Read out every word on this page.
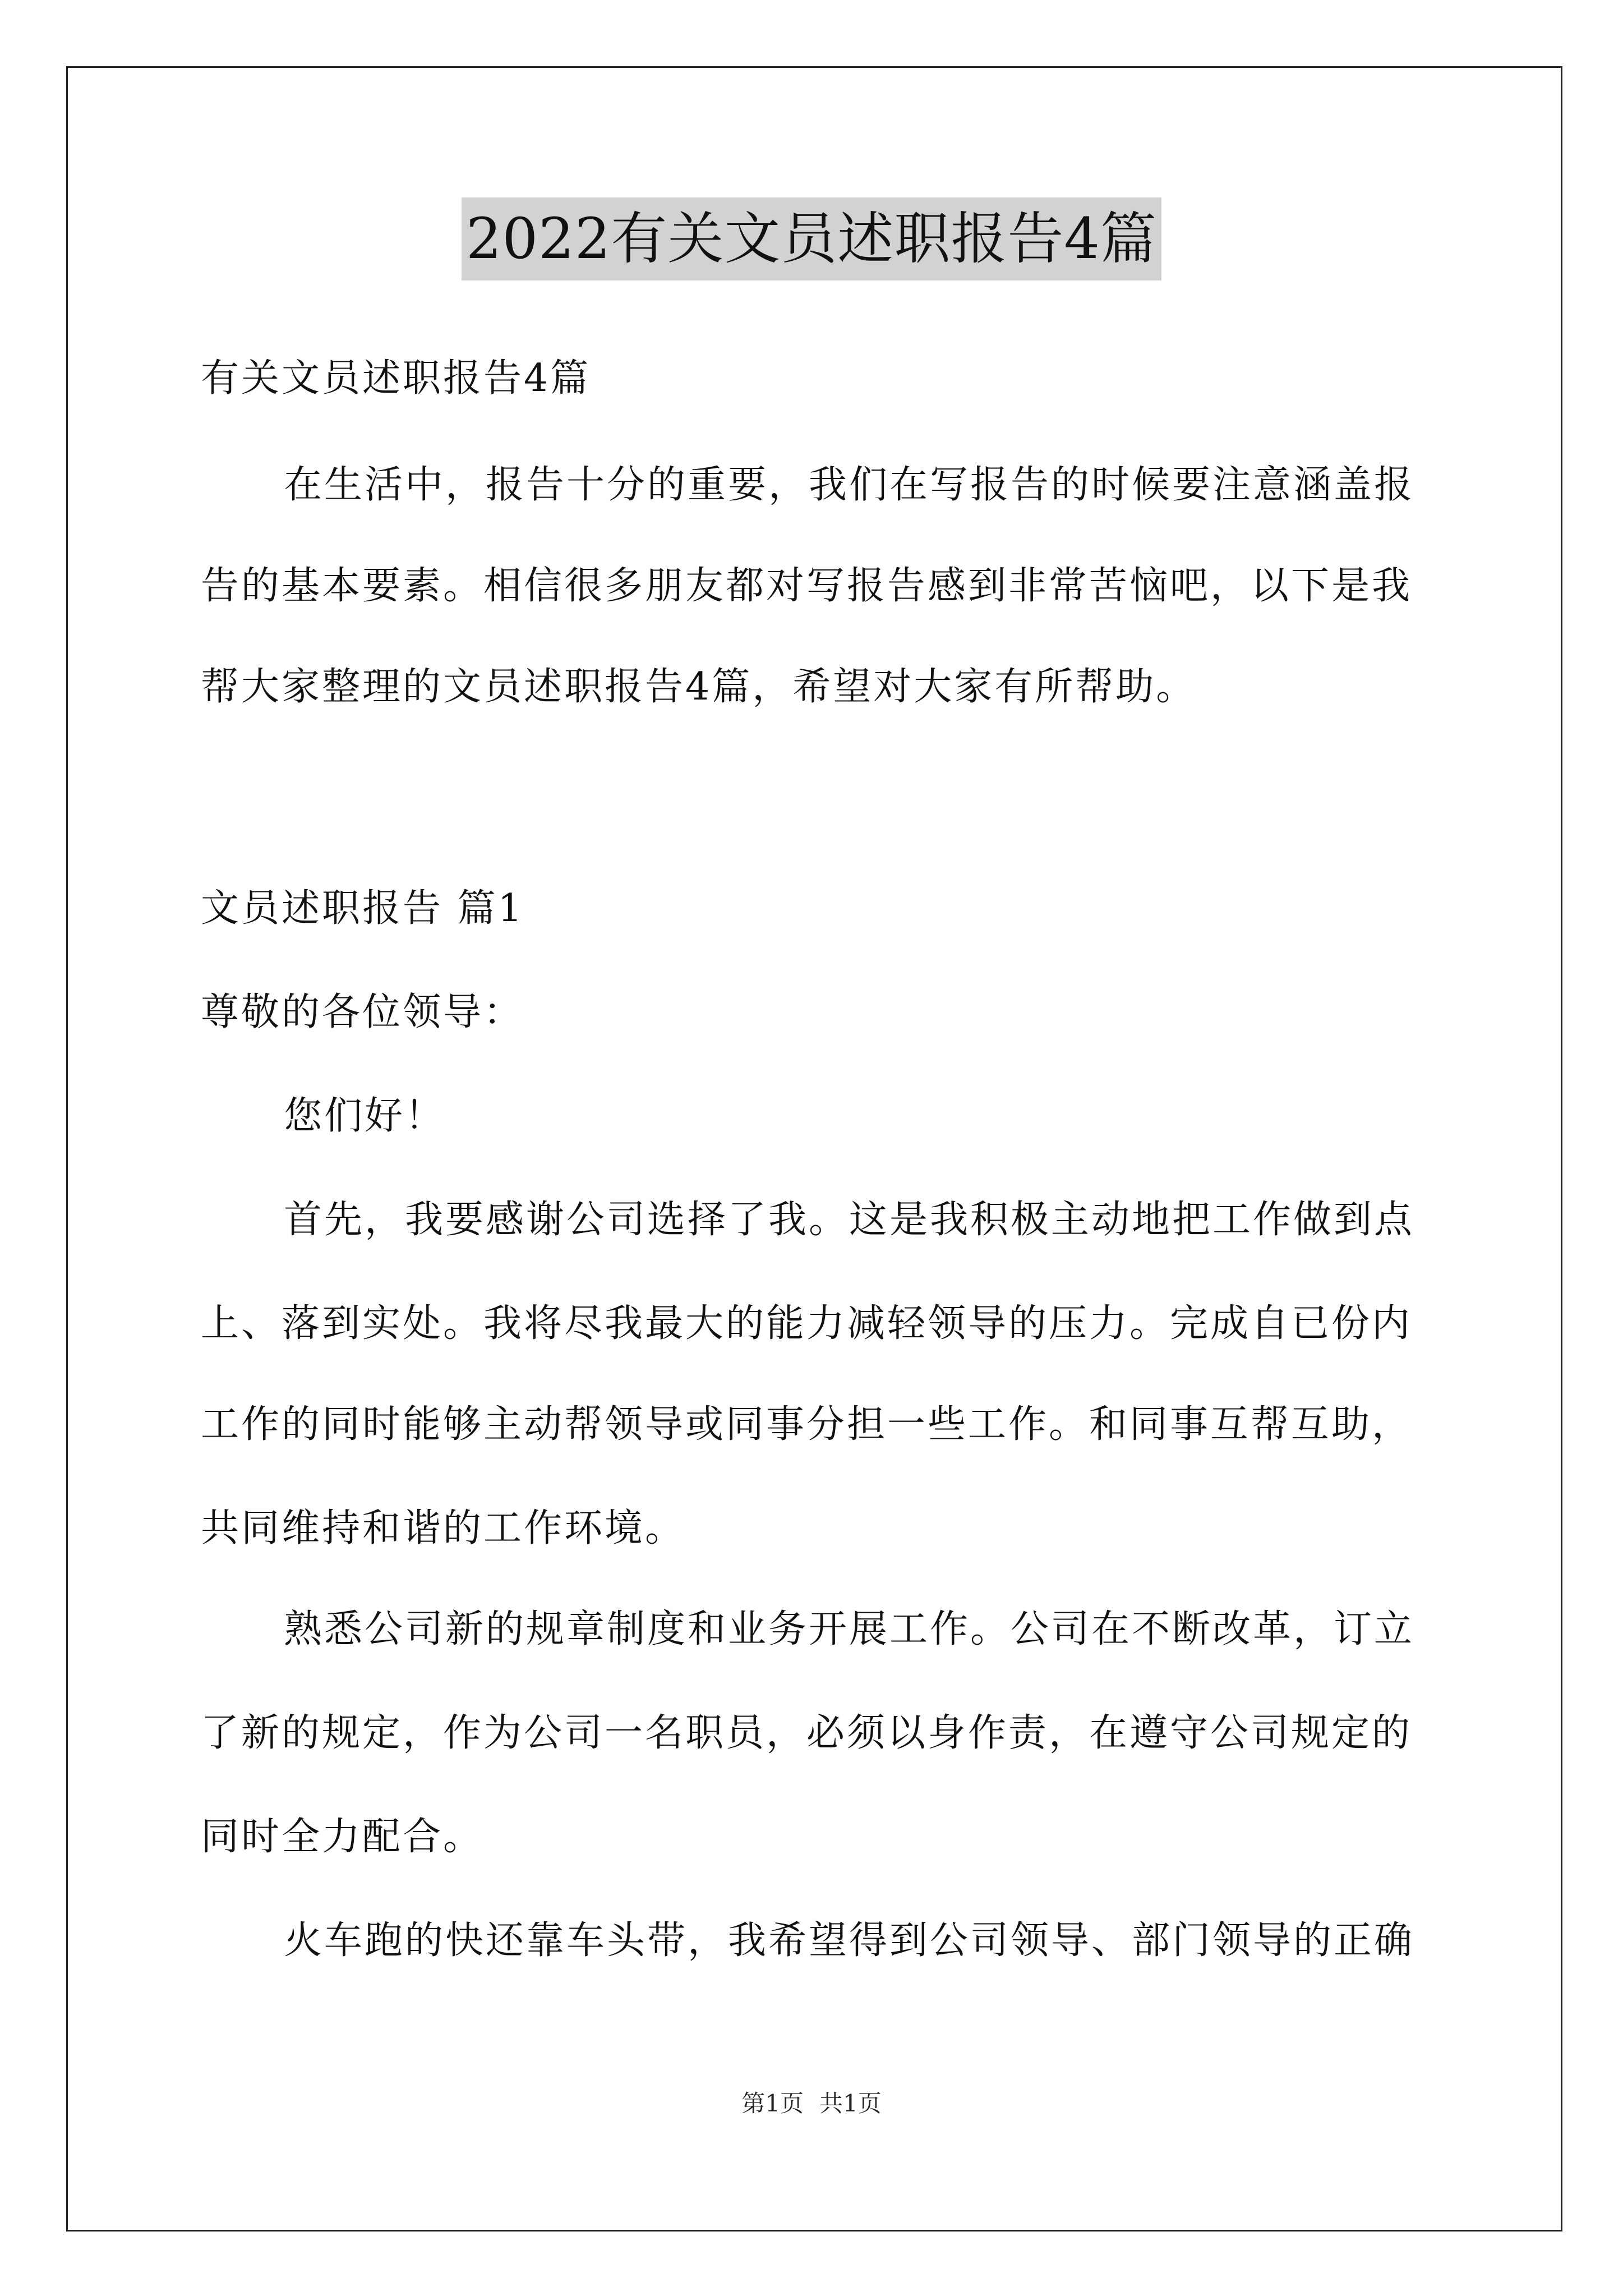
2022有关文员述职报告4篇
有关文员述职报告4篇
在生活中，报告十分的重要，我们在写报告的时候要注意涵盖报
告的基本要素。相信很多朋友都对写报告感到非常苦恼吧，以下是我
帮大家整理的文员述职报告4篇，希望对大家有所帮助。
文员述职报告 篇1
尊敬的各位领导：
您们好！
首先，我要感谢公司选择了我。这是我积极主动地把工作做到点
上、落到实处。我将尽我最大的能力减轻领导的压力。完成自已份内
工作的同时能够主动帮领导或同事分担一些工作。和同事互帮互助，
共同维持和谐的工作环境。
熟悉公司新的规章制度和业务开展工作。公司在不断改革，订立
了新的规定，作为公司一名职员，必须以身作责，在遵守公司规定的
同时全力配合。
火车跑的快还靠车头带，我希望得到公司领导、部门领导的正确
第1页 共1页
